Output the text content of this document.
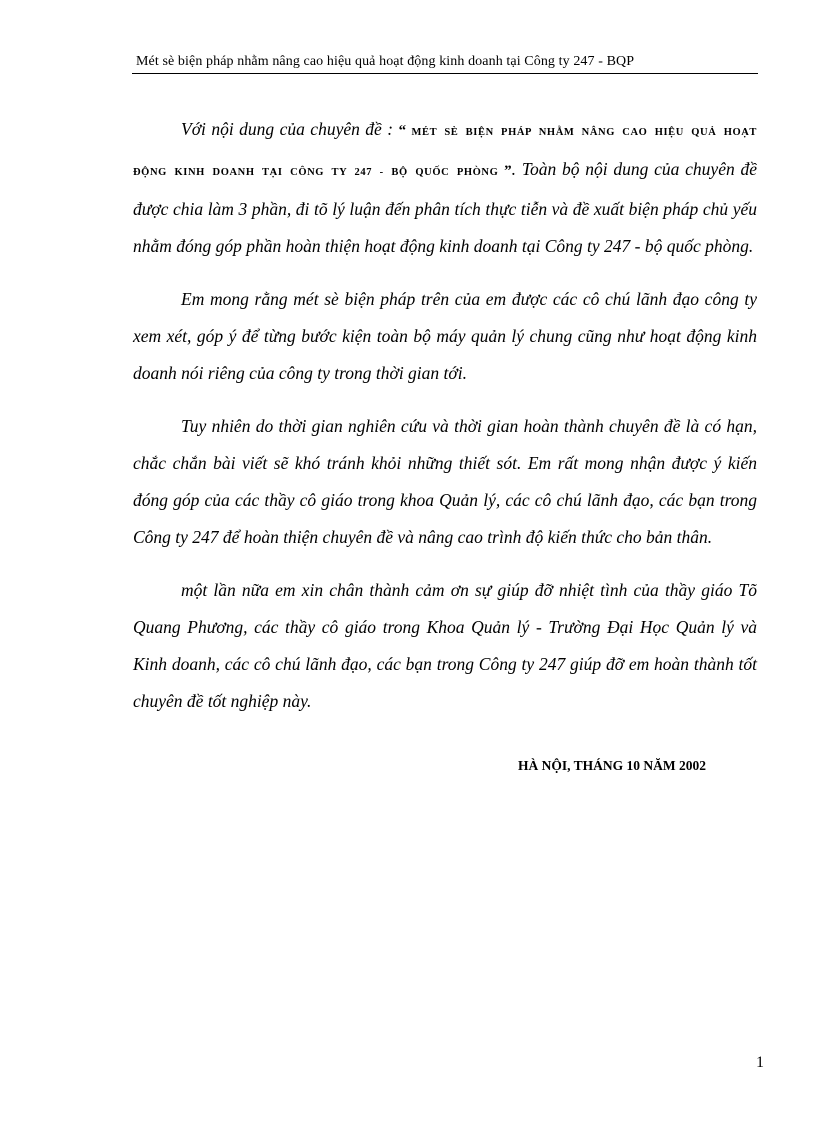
Mét sè biện pháp nhằm nâng cao hiệu quả hoạt động kinh doanh tại Công ty 247 - BQP

Với nội dung của chuyên đề : “ MÉT SÈ BIỆN PHÁP NHẰM NÂNG CAO HIỆU QUẢ HOẠT ĐỘNG KINH DOANH TẠI CÔNG TY 247 - BỘ QUỐC PHÒNG ”. Toàn bộ nội dung của chuyên đề được chia làm 3 phần, đi tõ lý luận đến phân tích thực tiễn và đề xuất biện pháp chủ yếu nhằm đóng góp phần hoàn thiện hoạt động kinh doanh tại Công ty 247 - bộ quốc phòng.

Em mong rằng mét sè biện pháp trên của em được các cô chú lãnh đạo công ty xem xét, góp ý để từng bước kiện toàn bộ máy quản lý chung cũng như hoạt động kinh doanh nói riêng của công ty trong thời gian tới.

Tuy nhiên do thời gian nghiên cứu và thời gian hoàn thành chuyên đề là có hạn, chắc chắn bài viết sẽ khó tránh khỏi những thiết sót. Em rất mong nhận được ý kiến đóng góp của các thầy cô giáo trong khoa Quản lý, các cô chú lãnh đạo, các bạn trong Công ty 247 để hoàn thiện chuyên đề và nâng cao trình độ kiến thức cho bản thân.

một lần nữa em xin chân thành cảm ơn sự giúp đỡ nhiệt tình của thầy giáo Tõ Quang Phương, các thầy cô giáo trong Khoa Quản lý - Trường Đại Học Quản lý và Kinh doanh, các cô chú lãnh đạo, các bạn trong Công ty 247 giúp đỡ em hoàn thành tốt chuyên đề tốt nghiệp này.

HÀ NỘI, THÁNG 10 NĂM 2002
1
